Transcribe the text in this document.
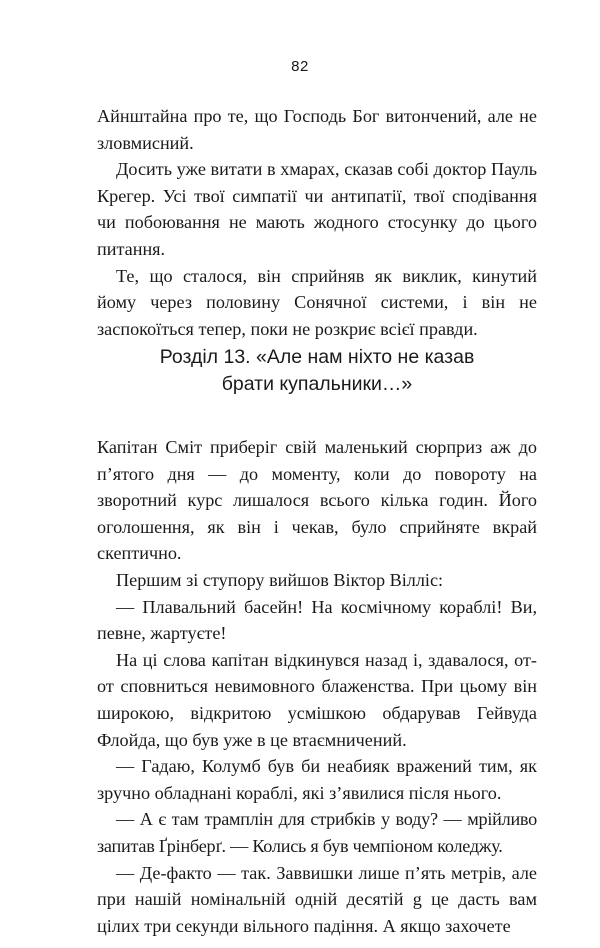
82

Айнштайна про те, що Господь Бог витончений, але не зловмисний.

Досить уже витати в хмарах, сказав собі доктор Пауль Крегер. Усі твої симпатії чи антипатії, твої сподівання чи побоювання не мають жодного стосунку до цього питання.

Те, що сталося, він сприйняв як виклик, кинутий йому через половину Сонячної системи, і він не заспокоїться тепер, поки не розкриє всієї правди.

Розділ 13. «Але нам ніхто не казав
брати купальники…»

Капітан Сміт приберіг свій маленький сюрприз аж до п’ятого дня — до моменту, коли до повороту на зворотний курс лишалося всього кілька годин. Його оголошення, як він і чекав, було сприйняте вкрай скептично.

Першим зі ступору вийшов Віктор Вілліс:

— Плавальний басейн! На космічному кораблі! Ви, певне, жартуєте!

На ці слова капітан відкинувся назад і, здавалося, от-от сповниться невимовного блаженства. При цьому він широкою, відкритою усмішкою обдарував Гейвуда Флойда, що був уже в це втаємничений.

— Гадаю, Колумб був би неабияк вражений тим, як зручно обладнані кораблі, які з’явилися після нього.

— А є там трамплін для стрибків у воду? — мрійливо запитав Ґрінберґ. — Колись я був чемпіоном коледжу.

— Де-факто — так. Заввишки лише п’ять метрів, але при нашій номінальній одній десятій g це дасть вам цілих три секунди вільного падіння. А якщо захочете
